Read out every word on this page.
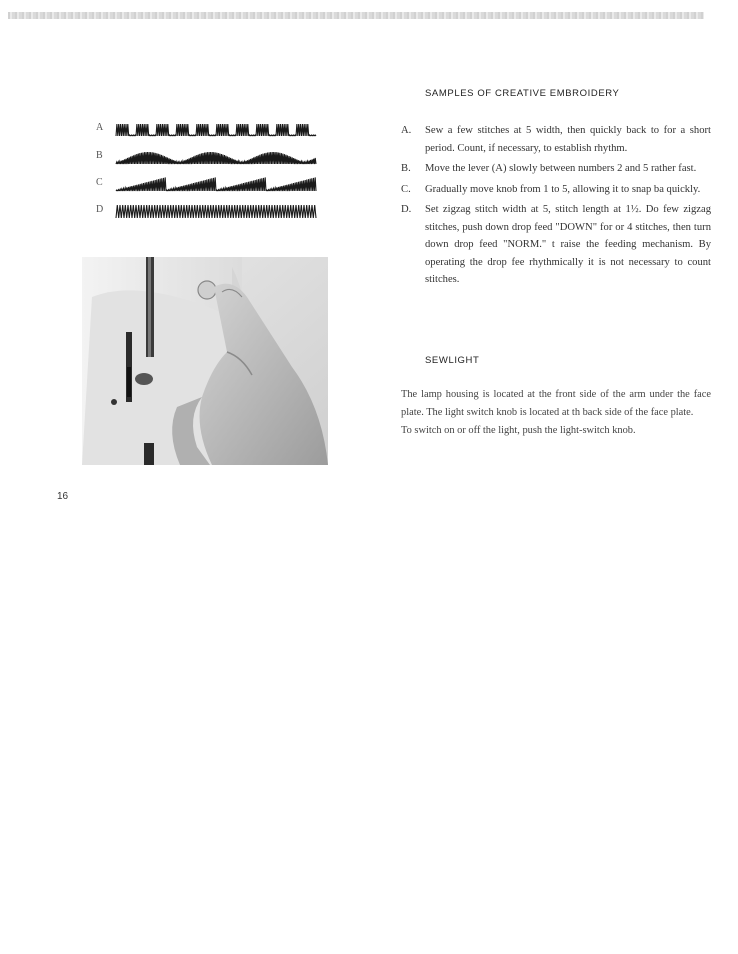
A
B
C
D
SAMPLES OF CREATIVE EMBROIDERY
A. Sew a few stitches at 5 width, then quickly back to for a short period. Count, if necessary, to establish rhythm.
B. Move the lever (A) slowly between numbers 2 and 5 rather fast.
C. Gradually move knob from 1 to 5, allowing it to snap ba quickly.
D. Set zigzag stitch width at 5, stitch length at 1½. Do few zigzag stitches, push down drop feed "DOWN" for or 4 stitches, then turn down drop feed "NORM." t raise the feeding mechanism. By operating the drop fee rhythmically it is not necessary to count stitches.
SEWLIGHT

The lamp housing is located at the front side of the arm under the face plate. The light switch knob is located at th back side of the face plate.

To switch on or off the light, push the light-switch knob.

16
